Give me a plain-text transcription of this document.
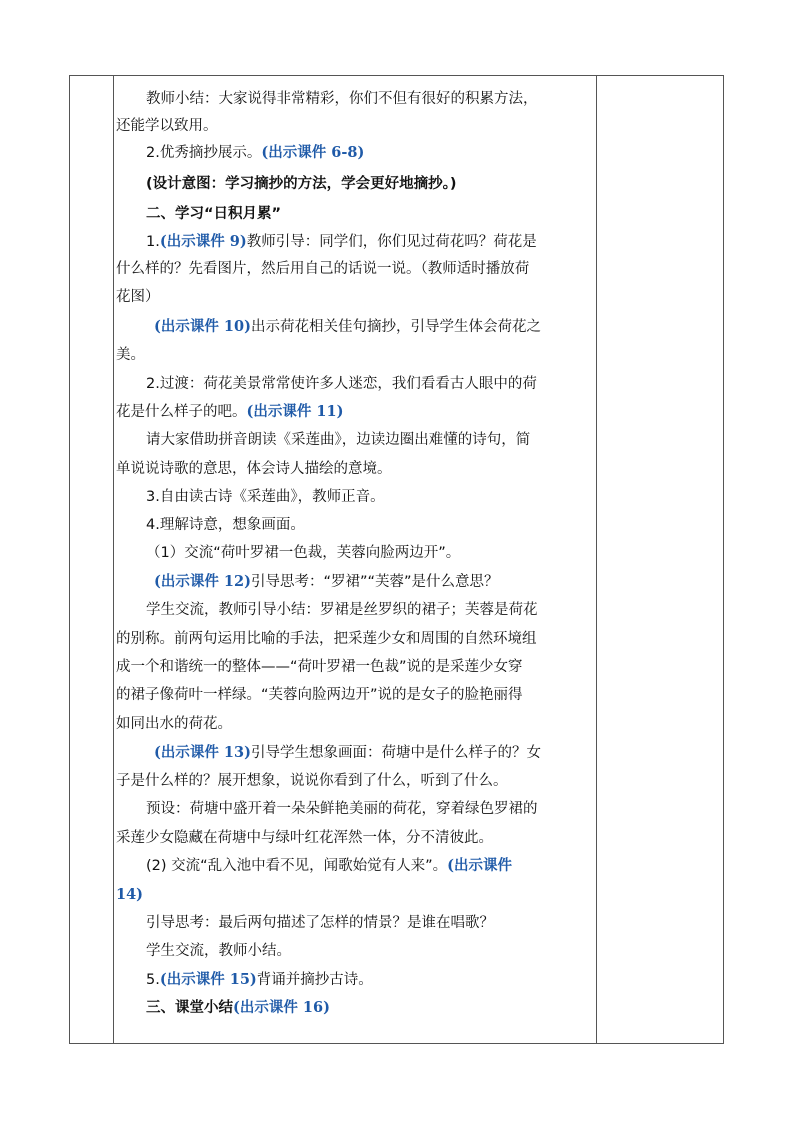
教师小结：大家说得非常精彩，你们不但有很好的积累方法，
还能学以致用。
2.优秀摘抄展示。(出示课件 6-8)
(设计意图：学习摘抄的方法，学会更好地摘抄。)
二、学习“日积月累”
1.(出示课件 9)教师引导：同学们，你们见过荷花吗？荷花是
什么样的？先看图片，然后用自己的话说一说。（教师适时播放荷
花图）
(出示课件 10)出示荷花相关佳句摘抄，引导学生体会荷花之
美。
2.过渡：荷花美景常常使许多人迷恋，我们看看古人眼中的荷
花是什么样子的吧。(出示课件 11)
请大家借助拼音朗读《采莲曲》，边读边圈出难懂的诗句，简
单说说诗歌的意思，体会诗人描绘的意境。
3.自由读古诗《采莲曲》，教师正音。
4.理解诗意，想象画面。
（1）交流“荷叶罗裙一色裁，芙蓉向脸两边开”。
(出示课件 12)引导思考：“罗裙”“芙蓉”是什么意思？
学生交流，教师引导小结：罗裙是丝罗织的裙子；芙蓉是荷花
的别称。前两句运用比喻的手法，把采莲少女和周围的自然环境组
成一个和谐统一的整体——“荷叶罗裙一色裁”说的是采莲少女穿
的裙子像荷叶一样绿。“芙蓉向脸两边开”说的是女子的脸艳丽得
如同出水的荷花。
(出示课件 13)引导学生想象画面：荷塘中是什么样子的？女
子是什么样的？展开想象，说说你看到了什么，听到了什么。
预设：荷塘中盛开着一朵朵鲜艳美丽的荷花，穿着绿色罗裙的
采莲少女隐藏在荷塘中与绿叶红花浑然一体，分不清彼此。
(2) 交流“乱入池中看不见，闻歌始觉有人来”。(出示课件
14)
引导思考：最后两句描述了怎样的情景？是谁在唱歌？
学生交流，教师小结。
5.(出示课件 15)背诵并摘抄古诗。
三、课堂小结(出示课件 16)
